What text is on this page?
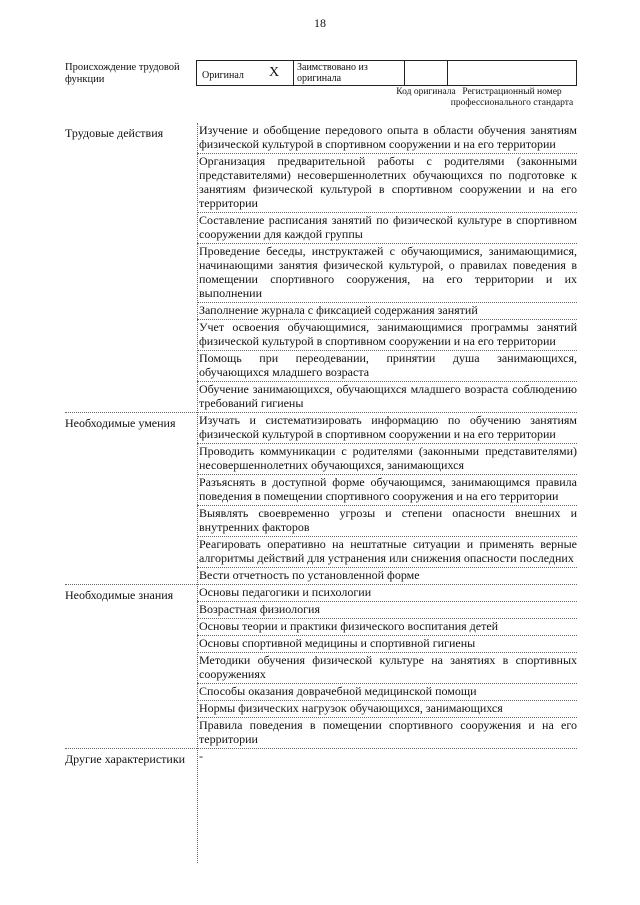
18
Происхождение трудовой функции	Оригинал X	Заимствовано из оригинала
Код оригинала Регистрационный номер профессионального стандарта
Трудовые действия	Изучение и обобщение передового опыта в области обучения занятиям физической культурой в спортивном сооружении и на его территории
Организация предварительной работы с родителями (законными представителями) несовершеннолетних обучающихся по подготовке к занятиям физической культурой в спортивном сооружении и на его территории
Составление расписания занятий по физической культуре в спортивном сооружении для каждой группы
Проведение беседы, инструктажей с обучающимися, занимающимися, начинающими занятия физической культурой, о правилах поведения в помещении спортивного сооружения, на его территории и их выполнении
Заполнение журнала с фиксацией содержания занятий
Учет освоения обучающимися, занимающимися программы занятий физической культурой в спортивном сооружении и на его территории
Помощь при переодевании, принятии душа занимающихся, обучающихся младшего возраста
Обучение занимающихся, обучающихся младшего возраста соблюдению требований гигиены
Необходимые умения	Изучать и систематизировать информацию по обучению занятиям физической культурой в спортивном сооружении и на его территории
Проводить коммуникации с родителями (законными представителями) несовершеннолетних обучающихся, занимающихся
Разъяснять в доступной форме обучающимся, занимающимся правила поведения в помещении спортивного сооружения и на его территории
Выявлять своевременно угрозы и степени опасности внешних и внутренних факторов
Реагировать оперативно на нештатные ситуации и применять верные алгоритмы действий для устранения или снижения опасности последних
Вести отчетность по установленной форме
Необходимые знания	Основы педагогики и психологии
Возрастная физиология
Основы теории и практики физического воспитания детей
Основы спортивной медицины и спортивной гигиены
Методики обучения физической культуре на занятиях в спортивных сооружениях
Способы оказания доврачебной медицинской помощи
Нормы физических нагрузок обучающихся, занимающихся
Правила поведения в помещении спортивного сооружения и на его территории
Другие характеристики	-
